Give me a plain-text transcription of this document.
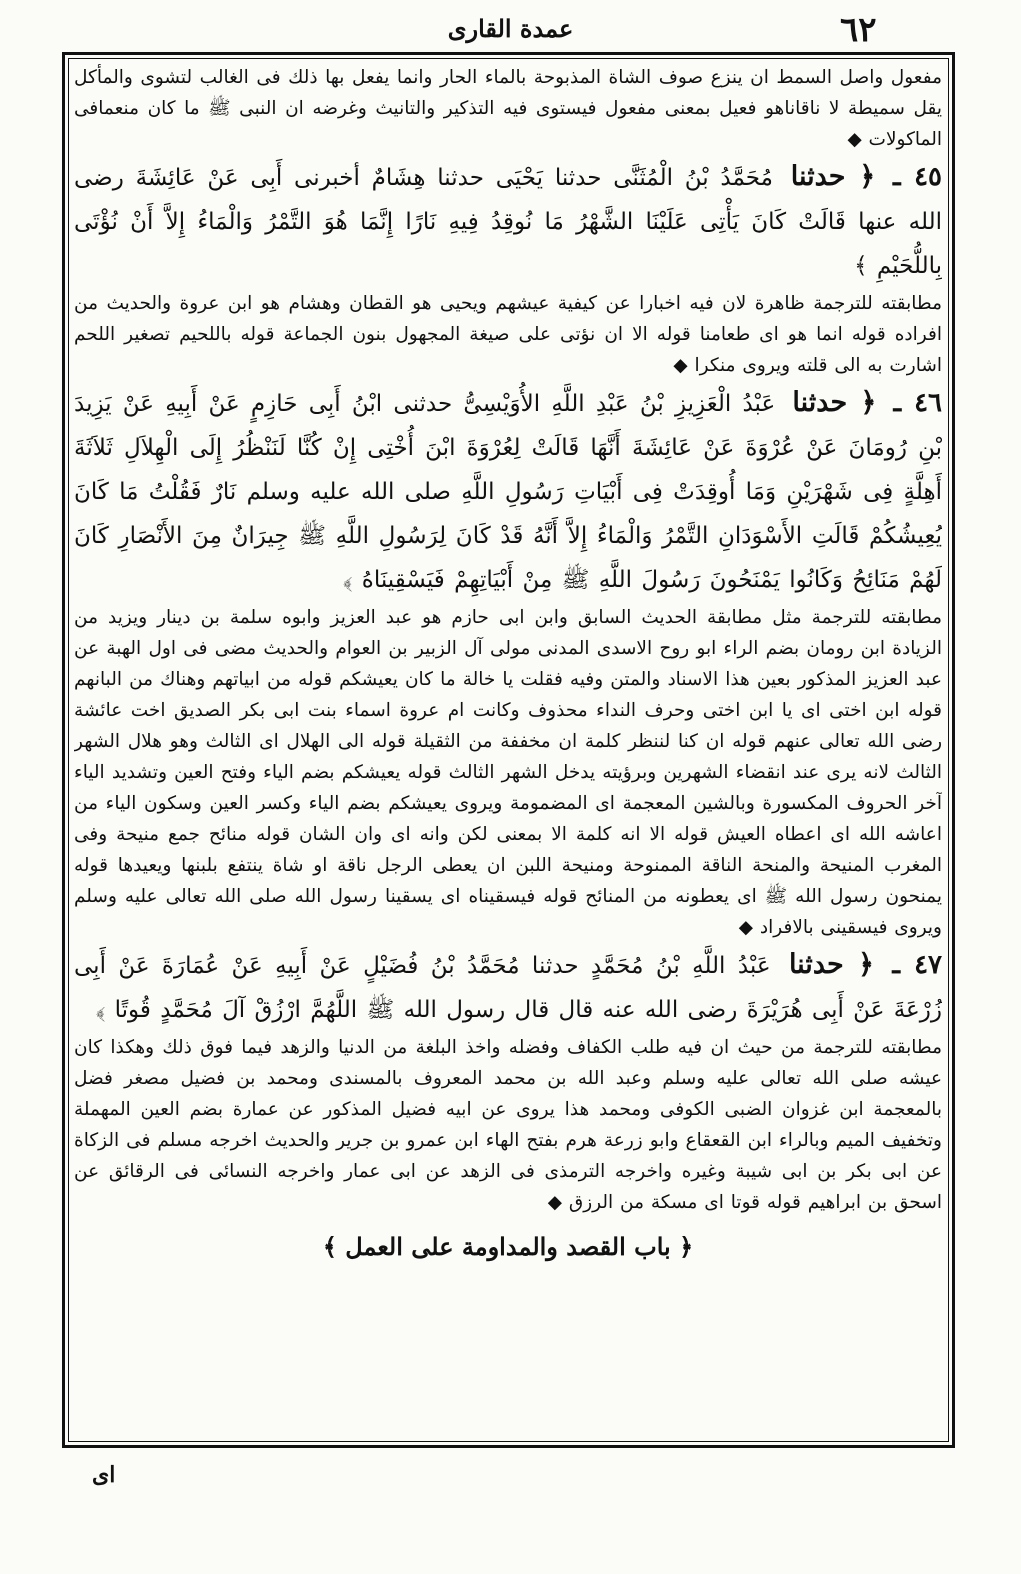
عمدة القارى	٦٢

مفعول واصل السمط ان ينزع صوف الشاة المذبوحة بالماء الحار وانما يفعل بها ذلك فى الغالب لتشوى والمأكل يقل سميطة لا ناقاناهو فعيل بمعنى مفعول فيستوى فيه التذكير والتانيث وغرضه ان النبى ﷺ ما كان منعمافى الماكولات ◆

٤٥ ـ ﴿ حدثنا مُحَمَّدُ بْنُ الْمُثَنَّى حدثنا يَحْيَى حدثنا هِشَامٌ أخبرنى أَبِى عَنْ عَائِشَةَ رضى الله عنها قَالَتْ كَانَ يَأْتِى عَلَيْنَا الشَّهْرُ مَا نُوقِدُ فِيهِ نَارًا إِنَّمَا هُوَ التَّمْرُ وَالْمَاءُ إِلاَّ أَنْ نُؤْتَى بِاللُّحَيْمِ ﴾

مطابقته للترجمة ظاهرة لان فيه اخبارا عن كيفية عيشهم ويحيى هو القطان وهشام هو ابن عروة والحديث من افراده قوله انما هو اى طعامنا قوله الا ان نؤتى على صيغة المجهول بنون الجماعة قوله باللحيم تصغير اللحم اشارت به الى قلته ويروى منكرا ◆

٤٦ ـ ﴿ حدثنا عَبْدُ الْعَزِيزِ بْنُ عَبْدِ اللَّهِ الأُوَيْسِىُّ حدثنى ابْنُ أَبِى حَازِمٍ عَنْ أَبِيهِ عَنْ يَزِيدَ بْنِ رُومَانَ عَنْ عُرْوَةَ عَنْ عَائِشَةَ أَنَّهَا قَالَتْ لِعُرْوَةَ ابْنَ أُخْتِى إِنْ كُنَّا لَنَنْظُرُ إِلَى الْهِلاَلِ ثَلاَثَةَ أَهِلَّةٍ فِى شَهْرَيْنِ وَمَا أُوقِدَتْ فِى أَبْيَاتِ رَسُولِ اللَّهِ صلى الله عليه وسلم نَارٌ فَقُلْتُ مَا كَانَ يُعِيشُكُمْ قَالَتِ الأَسْوَدَانِ التَّمْرُ وَالْمَاءُ إِلاَّ أَنَّهُ قَدْ كَانَ لِرَسُولِ اللَّهِ ﷺ جِيرَانٌ مِنَ الأَنْصَارِ كَانَ لَهُمْ مَنَائِحُ وَكَانُوا يَمْنَحُونَ رَسُولَ اللَّهِ ﷺ مِنْ أَبْيَاتِهِمْ فَيَسْقِينَاهُ ﴾

مطابقته للترجمة مثل مطابقة الحديث السابق وابن ابى حازم هو عبد العزيز وابوه سلمة بن دينار ويزيد من الزيادة ابن رومان بضم الراء ابو روح الاسدى المدنى مولى آل الزبير بن العوام والحديث مضى فى اول الهبة عن عبد العزيز المذكور بعين هذا الاسناد والمتن وفيه فقلت يا خالة ما كان يعيشكم قوله من ابياتهم وهناك من البانهم قوله ابن اختى اى يا ابن اختى وحرف النداء محذوف وكانت ام عروة اسماء بنت ابى بكر الصديق اخت عائشة رضى الله تعالى عنهم قوله ان كنا لننظر كلمة ان مخففة من الثقيلة قوله الى الهلال اى الثالث وهو هلال الشهر الثالث لانه يرى عند انقضاء الشهرين وبرؤيته يدخل الشهر الثالث قوله يعيشكم بضم الياء وفتح العين وتشديد الياء آخر الحروف المكسورة وبالشين المعجمة اى المضمومة ويروى يعيشكم بضم الياء وكسر العين وسكون الياء من اعاشه الله اى اعطاه العيش قوله الا انه كلمة الا بمعنى لكن وانه اى وان الشان قوله منائح جمع منيحة وفى المغرب المنيحة والمنحة الناقة الممنوحة ومنيحة اللبن ان يعطى الرجل ناقة او شاة ينتفع بلبنها ويعيدها قوله يمنحون رسول الله ﷺ اى يعطونه من المنائح قوله فيسقيناه اى يسقينا رسول الله صلى الله تعالى عليه وسلم ويروى فيسقينى بالافراد ◆

٤٧ ـ ﴿ حدثنا عَبْدُ اللَّهِ بْنُ مُحَمَّدٍ حدثنا مُحَمَّدُ بْنُ فُضَيْلٍ عَنْ أَبِيهِ عَنْ عُمَارَةَ عَنْ أَبِى زُرْعَةَ عَنْ أَبِى هُرَيْرَةَ رضى الله عنه قال قال رسول الله ﷺ اللَّهُمَّ ارْزُقْ آلَ مُحَمَّدٍ قُوتًا ﴾

مطابقته للترجمة من حيث ان فيه طلب الكفاف وفضله واخذ البلغة من الدنيا والزهد فيما فوق ذلك وهكذا كان عيشه صلى الله تعالى عليه وسلم وعبد الله بن محمد المعروف بالمسندى ومحمد بن فضيل مصغر فضل بالمعجمة ابن غزوان الضبى الكوفى ومحمد هذا يروى عن ابيه فضيل المذكور عن عمارة بضم العين المهملة وتخفيف الميم وبالراء ابن القعقاع وابو زرعة هرم بفتح الهاء ابن عمرو بن جرير والحديث اخرجه مسلم فى الزكاة عن ابى بكر بن ابى شيبة وغيره واخرجه الترمذى فى الزهد عن ابى عمار واخرجه النسائى فى الرقائق عن اسحق بن ابراهيم قوله قوتا اى مسكة من الرزق ◆

﴿ باب القصد والمداومة على العمل ﴾
اى
